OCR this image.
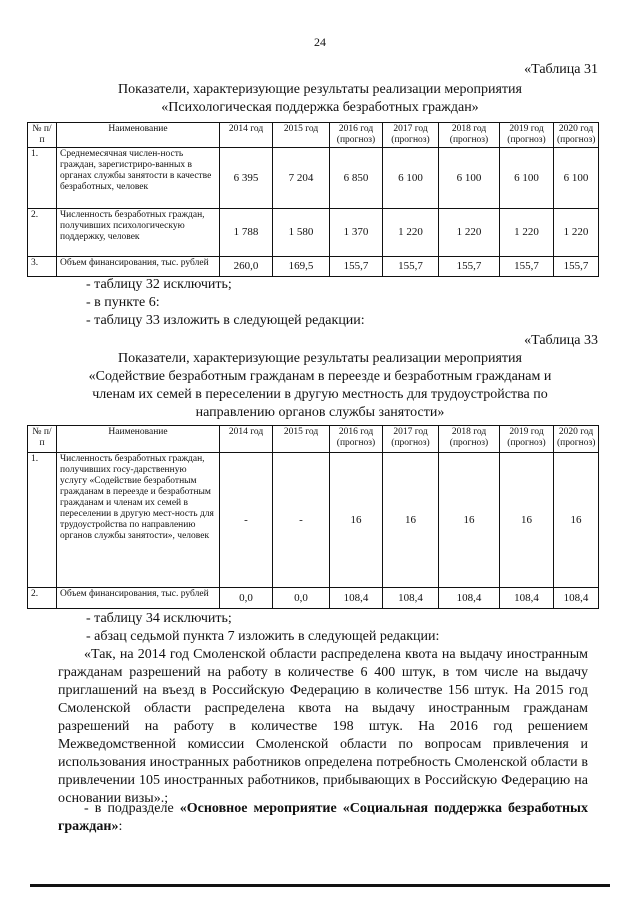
24
«Таблица 31
Показатели, характеризующие результаты реализации мероприятия
«Психологическая поддержка безработных граждан»
№ п/п	Наименование	2014 год	2015 год	2016 год (прогноз)	2017 год (прогноз)	2018 год (прогноз)	2019 год (прогноз)	2020 год (прогноз)
1.	Среднемесячная числен-ность граждан, зарегистриро-ванных в органах службы занятости в качестве безработных, человек	6 395	7 204	6 850	6 100	6 100	6 100	6 100
2.	Численность безработных граждан, получивших психологическую поддержку, человек	1 788	1 580	1 370	1 220	1 220	1 220	1 220
3.	Объем финансирования, тыс. рублей	260,0	169,5	155,7	155,7	155,7	155,7	155,7
- таблицу 32 исключить;
- в пункте 6:
- таблицу 33 изложить в следующей редакции:
«Таблица 33
Показатели, характеризующие результаты реализации мероприятия
«Содействие безработным гражданам в переезде и безработным гражданам и
членам их семей в переселении в другую местность для трудоустройства по
направлению органов службы занятости»
№ п/п	Наименование	2014 год	2015 год	2016 год (прогноз)	2017 год (прогноз)	2018 год (прогноз)	2019 год (прогноз)	2020 год (прогноз)
1.	Численность безработных граждан, получивших госу-дарственную услугу «Содействие безработным гражданам в переезде и безработным гражданам и членам их семей в переселении в другую мест-ность для трудоустройства по направлению органов службы занятости», человек	-	-	16	16	16	16	16
2.	Объем финансирования, тыс. рублей	0,0	0,0	108,4	108,4	108,4	108,4	108,4
- таблицу 34 исключить;
- абзац седьмой пункта 7 изложить в следующей редакции:
«Так, на 2014 год Смоленской области распределена квота на выдачу иностранным гражданам разрешений на работу в количестве 6 400 штук, в том числе на выдачу приглашений на въезд в Российскую Федерацию в количестве 156 штук. На 2015 год Смоленской области распределена квота на выдачу иностранным гражданам разрешений на работу в количестве 198 штук. На 2016 год решением Межведомственной комиссии Смоленской области по вопросам привлечения и использования иностранных работников определена потребность Смоленской области в привлечении 105 иностранных работников, прибывающих в Российскую Федерацию на основании визы».;
- в подразделе «Основное мероприятие «Социальная поддержка безработных граждан»:
